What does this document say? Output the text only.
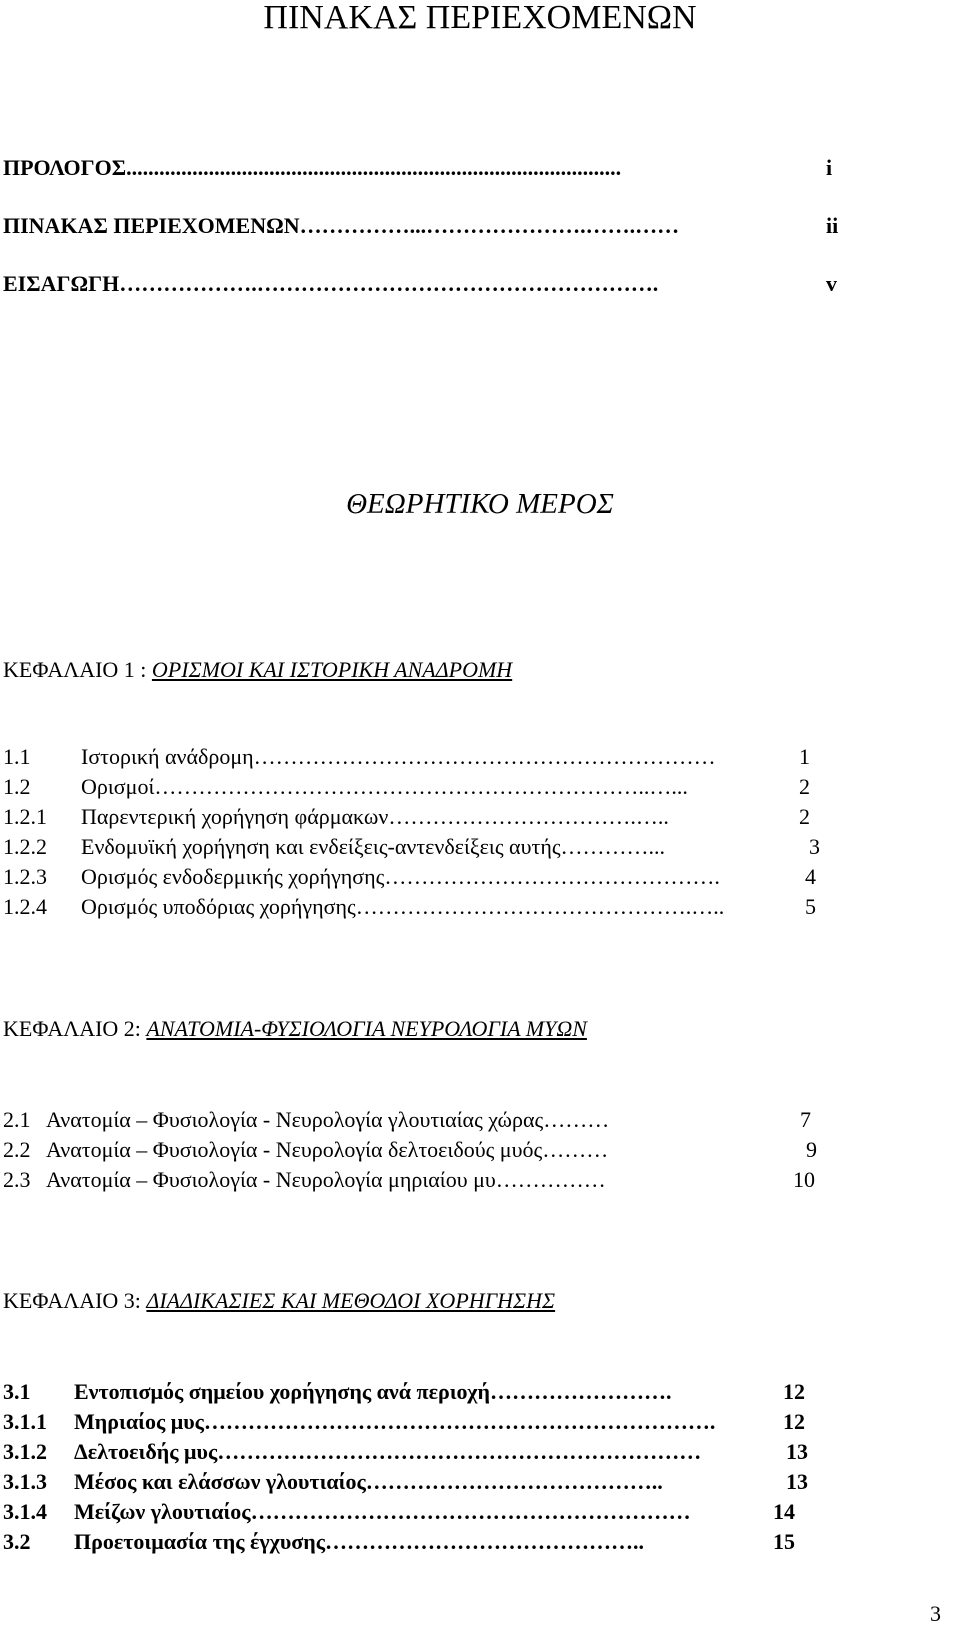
ΠΙΝΑΚΑΣ ΠΕΡΙΕΧΟΜΕΝΩΝ
ΠΡΟΛΟΓΟΣ..........................................................................................	i
ΠΙΝΑΚΑΣ ΠΕΡΙΕΧΟΜΕΝΩΝ……………...………………….…….……	ii
ΕΙΣΑΓΩΓΗ……………….……………………………………………….	v
ΘΕΩΡΗΤΙΚΟ ΜΕΡΟΣ
ΚΕΦΑΛΑΙΟ 1 : ΟΡΙΣΜΟΙ ΚΑΙ ΙΣΤΟΡΙΚΗ ΑΝΑΔΡΟΜΗ
1.1 Ιστορική ανάδρομη………………………………………………………	1
1.2 Ορισμοί…………………………………………………………..…...	2
1.2.1 Παρεντερική χορήγηση φάρμακων…………………………….…..	2
1.2.2 Ενδομυϊκή χορήγηση και ενδείξεις-αντενδείξεις αυτής…………...	3
1.2.3 Ορισμός ενδοδερμικής χορήγησης……………………………………….	4
1.2.4 Ορισμός υποδόριας χορήγησης……………………………………….…..	5
ΚΕΦΑΛΑΙΟ 2: ΑΝΑΤΟΜΙΑ-ΦΥΣΙΟΛΟΓΙΑ ΝΕΥΡΟΛΟΓΙΑ ΜΥΩΝ
2.1 Ανατομία – Φυσιολογία - Νευρολογία γλουτιαίας χώρας………	7
2.2 Ανατομία – Φυσιολογία - Νευρολογία δελτοειδούς μυός………	9
2.3 Ανατομία – Φυσιολογία - Νευρολογία μηριαίου μυ……………	10
ΚΕΦΑΛΑΙΟ 3: ΔΙΑΔΙΚΑΣΙΕΣ ΚΑΙ ΜΕΘΟΔΟΙ ΧΟΡΗΓΗΣΗΣ
3.1 Εντοπισμός σημείου χορήγησης ανά περιοχή…………………….	12
3.1.1 Μηριαίος μυς…………………………………………………………….	12
3.1.2 Δελτοειδής μυς…………………………………………………………	13
3.1.3 Μέσος και ελάσσων γλουτιαίος…………………………………..	13
3.1.4 Μείζων γλουτιαίος……………………………………………………	14
3.2 Προετοιμασία της έγχυσης……………………………………..	15
3
